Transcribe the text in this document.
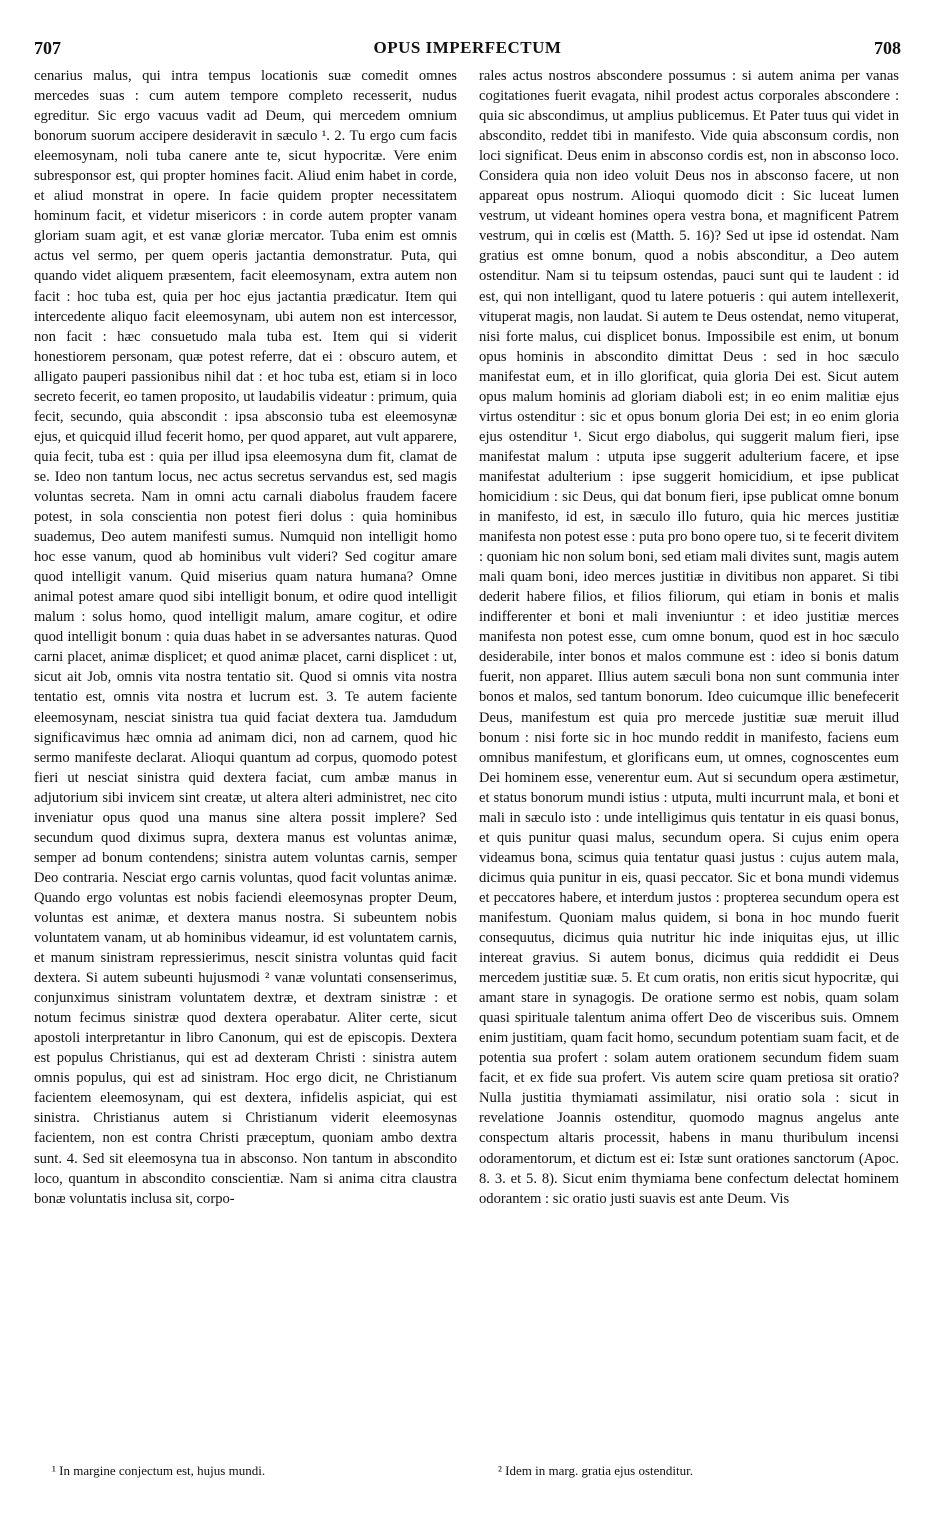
707	OPUS IMPERFECTUM	708

cenarius malus, qui intra tempus locationis suæ comedit omnes mercedes suas : cum autem tempore completo recesserit, nudus egreditur. Sic ergo vacuus vadit ad Deum, qui mercedem omnium bonorum suorum accipere desideravit in sæculo ¹. 2. Tu ergo cum facis eleemosynam, noli tuba canere ante te, sicut hypocritæ. Vere enim subresponsor est, qui propter homines facit. Aliud enim habet in corde, et aliud monstrat in opere. In facie quidem propter necessitatem hominum facit, et videtur misericors : in corde autem propter vanam gloriam suam agit, et est vanæ gloriæ mercator. Tuba enim est omnis actus vel sermo, per quem operis jactantia demonstratur. Puta, qui quando videt aliquem præsentem, facit eleemosynam, extra autem non facit : hoc tuba est, quia per hoc ejus jactantia prædicatur. Item qui intercedente aliquo facit eleemosynam, ubi autem non est intercessor, non facit : hæc consuetudo mala tuba est. Item qui si viderit honestiorem personam, quæ potest referre, dat ei : obscuro autem, et alligato pauperi passionibus nihil dat : et hoc tuba est, etiam si in loco secreto fecerit, eo tamen proposito, ut laudabilis videatur : primum, quia fecit, secundo, quia abscondit : ipsa absconsio tuba est eleemosynæ ejus, et quicquid illud fecerit homo, per quod apparet, aut vult apparere, quia fecit, tuba est : quia per illud ipsa eleemosyna dum fit, clamat de se. Ideo non tantum locus, nec actus secretus servandus est, sed magis voluntas secreta. Nam in omni actu carnali diabolus fraudem facere potest, in sola conscientia non potest fieri dolus : quia hominibus suademus, Deo autem manifesti sumus. Numquid non intelligit homo hoc esse vanum, quod ab hominibus vult videri? Sed cogitur amare quod intelligit vanum. Quid miserius quam natura humana? Omne animal potest amare quod sibi intelligit bonum, et odire quod intelligit malum : solus homo, quod intelligit malum, amare cogitur, et odire quod intelligit bonum : quia duas habet in se adversantes naturas. Quod carni placet, animæ displicet; et quod animæ placet, carni displicet : ut, sicut ait Job, omnis vita nostra tentatio sit. Quod si omnis vita nostra tentatio est, omnis vita nostra et lucrum est. 3. Te autem faciente eleemosynam, nesciat sinistra tua quid faciat dextera tua. Jamdudum significavimus hæc omnia ad animam dici, non ad carnem, quod hic sermo manifeste declarat. Alioqui quantum ad corpus, quomodo potest fieri ut nesciat sinistra quid dextera faciat, cum ambæ manus in adjutorium sibi invicem sint creatæ, ut altera alteri administret, nec cito inveniatur opus quod una manus sine altera possit implere? Sed secundum quod diximus supra, dextera manus est voluntas animæ, semper ad bonum contendens; sinistra autem voluntas carnis, semper Deo contraria. Nesciat ergo carnis voluntas, quod facit voluntas animæ. Quando ergo voluntas est nobis faciendi eleemosynas propter Deum, voluntas est animæ, et dextera manus nostra. Si subeuntem nobis voluntatem vanam, ut ab hominibus videamur, id est voluntatem carnis, et manum sinistram repressierimus, nescit sinistra voluntas quid facit dextera. Si autem subeunti hujusmodi ² vanæ voluntati consenserimus, conjunximus sinistram voluntatem dextræ, et dextram sinistræ : et notum fecimus sinistræ quod dextera operabatur. Aliter certe, sicut apostoli interpretantur in libro Canonum, qui est de episcopis. Dextera est populus Christianus, qui est ad dexteram Christi : sinistra autem omnis populus, qui est ad sinistram. Hoc ergo dicit, ne Christianum facientem eleemosynam, qui est dextera, infidelis aspiciat, qui est sinistra. Christianus autem si Christianum viderit eleemosynas facientem, non est contra Christi præceptum, quoniam ambo dextra sunt. 4. Sed sit eleemosyna tua in absconso. Non tantum in abscondito loco, quantum in abscondito conscientiæ. Nam si anima citra claustra bonæ voluntatis inclusa sit, corpo-

rales actus nostros abscondere possumus : si autem anima per vanas cogitationes fuerit evagata, nihil prodest actus corporales abscondere : quia sic abscondimus, ut amplius publicemus. Et Pater tuus qui videt in abscondito, reddet tibi in manifesto. Vide quia absconsum cordis, non loci significat. Deus enim in absconso cordis est, non in absconso loco. Considera quia non ideo voluit Deus nos in absconso facere, ut non appareat opus nostrum. Alioqui quomodo dicit : Sic luceat lumen vestrum, ut videant homines opera vestra bona, et magnificent Patrem vestrum, qui in cœlis est (Matth. 5. 16)? Sed ut ipse id ostendat. Nam gratius est omne bonum, quod a nobis absconditur, a Deo autem ostenditur. Nam si tu teipsum ostendas, pauci sunt qui te laudent : id est, qui non intelligant, quod tu latere potueris : qui autem intellexerit, vituperat magis, non laudat. Si autem te Deus ostendat, nemo vituperat, nisi forte malus, cui displicet bonus. Impossibile est enim, ut bonum opus hominis in abscondito dimittat Deus : sed in hoc sæculo manifestat eum, et in illo glorificat, quia gloria Dei est. Sicut autem opus malum hominis ad gloriam diaboli est; in eo enim malitiæ ejus virtus ostenditur : sic et opus bonum gloria Dei est; in eo enim gloria ejus ostenditur ¹. Sicut ergo diabolus, qui suggerit malum fieri, ipse manifestat malum : utputa ipse suggerit adulterium facere, et ipse manifestat adulterium : ipse suggerit homicidium, et ipse publicat homicidium : sic Deus, qui dat bonum fieri, ipse publicat omne bonum in manifesto, id est, in sæculo illo futuro, quia hic merces justitiæ manifesta non potest esse : puta pro bono opere tuo, si te fecerit divitem : quoniam hic non solum boni, sed etiam mali divites sunt, magis autem mali quam boni, ideo merces justitiæ in divitibus non apparet. Si tibi dederit habere filios, et filios filiorum, qui etiam in bonis et malis indifferenter et boni et mali inveniuntur : et ideo justitiæ merces manifesta non potest esse, cum omne bonum, quod est in hoc sæculo desiderabile, inter bonos et malos commune est : ideo si bonis datum fuerit, non apparet. Illius autem sæculi bona non sunt communia inter bonos et malos, sed tantum bonorum. Ideo cuicumque illic benefecerit Deus, manifestum est quia pro mercede justitiæ suæ meruit illud bonum : nisi forte sic in hoc mundo reddit in manifesto, faciens eum omnibus manifestum, et glorificans eum, ut omnes, cognoscentes eum Dei hominem esse, venerentur eum. Aut si secundum opera æstimetur, et status bonorum mundi istius : utputa, multi incurrunt mala, et boni et mali in sæculo isto : unde intelligimus quis tentatur in eis quasi bonus, et quis punitur quasi malus, secundum opera. Si cujus enim opera videamus bona, scimus quia tentatur quasi justus : cujus autem mala, dicimus quia punitur in eis, quasi peccator. Sic et bona mundi videmus et peccatores habere, et interdum justos : propterea secundum opera est manifestum. Quoniam malus quidem, si bona in hoc mundo fuerit consequutus, dicimus quia nutritur hic inde iniquitas ejus, ut illic intereat gravius. Si autem bonus, dicimus quia reddidit ei Deus mercedem justitiæ suæ. 5. Et cum oratis, non eritis sicut hypocritæ, qui amant stare in synagogis. De oratione sermo est nobis, quam solam quasi spirituale talentum anima offert Deo de visceribus suis. Omnem enim justitiam, quam facit homo, secundum potentiam suam facit, et de potentia sua profert : solam autem orationem secundum fidem suam facit, et ex fide sua profert. Vis autem scire quam pretiosa sit oratio? Nulla justitia thymiamati assimilatur, nisi oratio sola : sicut in revelatione Joannis ostenditur, quomodo magnus angelus ante conspectum altaris processit, habens in manu thuribulum incensi odoramentorum, et dictum est ei: Istæ sunt orationes sanctorum (Apoc. 8. 3. et 5. 8). Sicut enim thymiama bene confectum delectat hominem odorantem : sic oratio justi suavis est ante Deum. Vis

¹ In margine conjectum est, hujus mundi.	² Idem in marg. gratia ejus ostenditur.
